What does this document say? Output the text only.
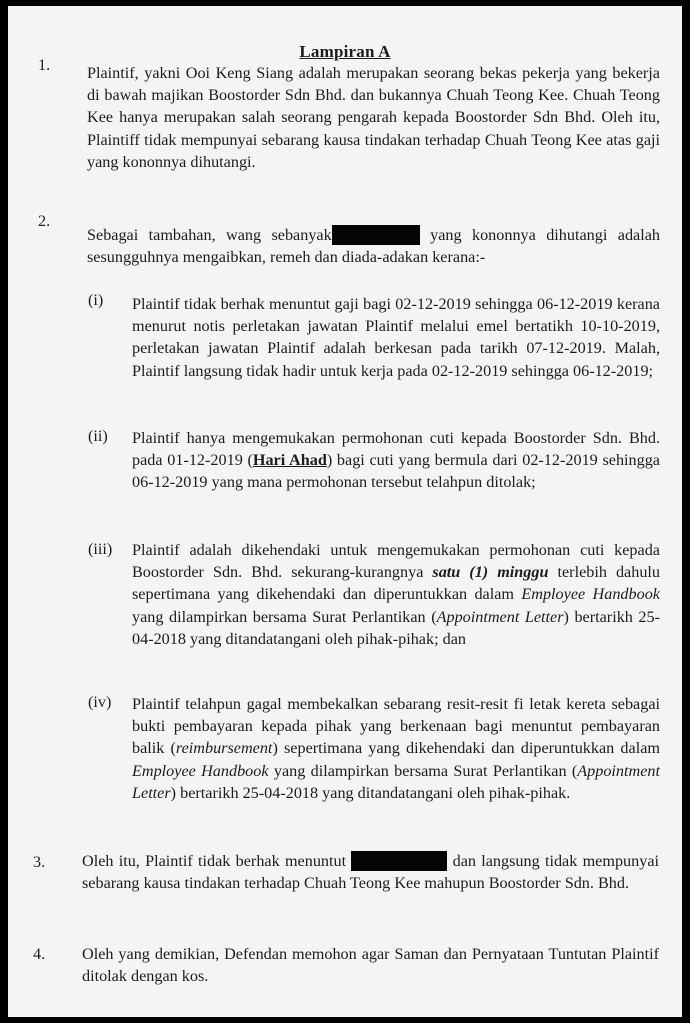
Lampiran A
1. Plaintif, yakni Ooi Keng Siang adalah merupakan seorang bekas pekerja yang bekerja di bawah majikan Boostorder Sdn Bhd. dan bukannya Chuah Teong Kee. Chuah Teong Kee hanya merupakan salah seorang pengarah kepada Boostorder Sdn Bhd. Oleh itu, Plaintiff tidak mempunyai sebarang kausa tindakan terhadap Chuah Teong Kee atas gaji yang kononnya dihutangi.
2.
Sebagai tambahan, wang sebanyak	yang kononnya dihutangi adalah sesungguhnya mengaibkan, remeh dan diada-adakan kerana:-
(i) Plaintif tidak berhak menuntut gaji bagi 02-12-2019 sehingga 06-12-2019 kerana menurut notis perletakan jawatan Plaintif melalui emel bertatikh 10-10-2019, perletakan jawatan Plaintif adalah berkesan pada tarikh 07-12-2019. Malah, Plaintif langsung tidak hadir untuk kerja pada 02-12-2019 sehingga 06-12-2019;
(ii) Plaintif hanya mengemukakan permohonan cuti kepada Boostorder Sdn. Bhd. pada 01-12-2019 (Hari Ahad) bagi cuti yang bermula dari 02-12-2019 sehingga 06-12-2019 yang mana permohonan tersebut telahpun ditolak;
(iii) Plaintif adalah dikehendaki untuk mengemukakan permohonan cuti kepada Boostorder Sdn. Bhd. sekurang-kurangnya satu (1) minggu terlebih dahulu sepertimana yang dikehendaki dan diperuntukkan dalam Employee Handbook yang dilampirkan bersama Surat Perlantikan (Appointment Letter) bertarikh 25-04-2018 yang ditandatangani oleh pihak-pihak; dan
(iv) Plaintif telahpun gagal membekalkan sebarang resit-resit fi letak kereta sebagai bukti pembayaran kepada pihak yang berkenaan bagi menuntut pembayaran balik (reimbursement) sepertimana yang dikehendaki dan diperuntukkan dalam Employee Handbook yang dilampirkan bersama Surat Perlantikan (Appointment Letter) bertarikh 25-04-2018 yang ditandatangani oleh pihak-pihak.
3. Oleh itu, Plaintif tidak berhak menuntut	dan langsung tidak mempunyai sebarang kausa tindakan terhadap Chuah Teong Kee mahupun Boostorder Sdn. Bhd.
4. Oleh yang demikian, Defendan memohon agar Saman dan Pernyataan Tuntutan Plaintif ditolak dengan kos.
